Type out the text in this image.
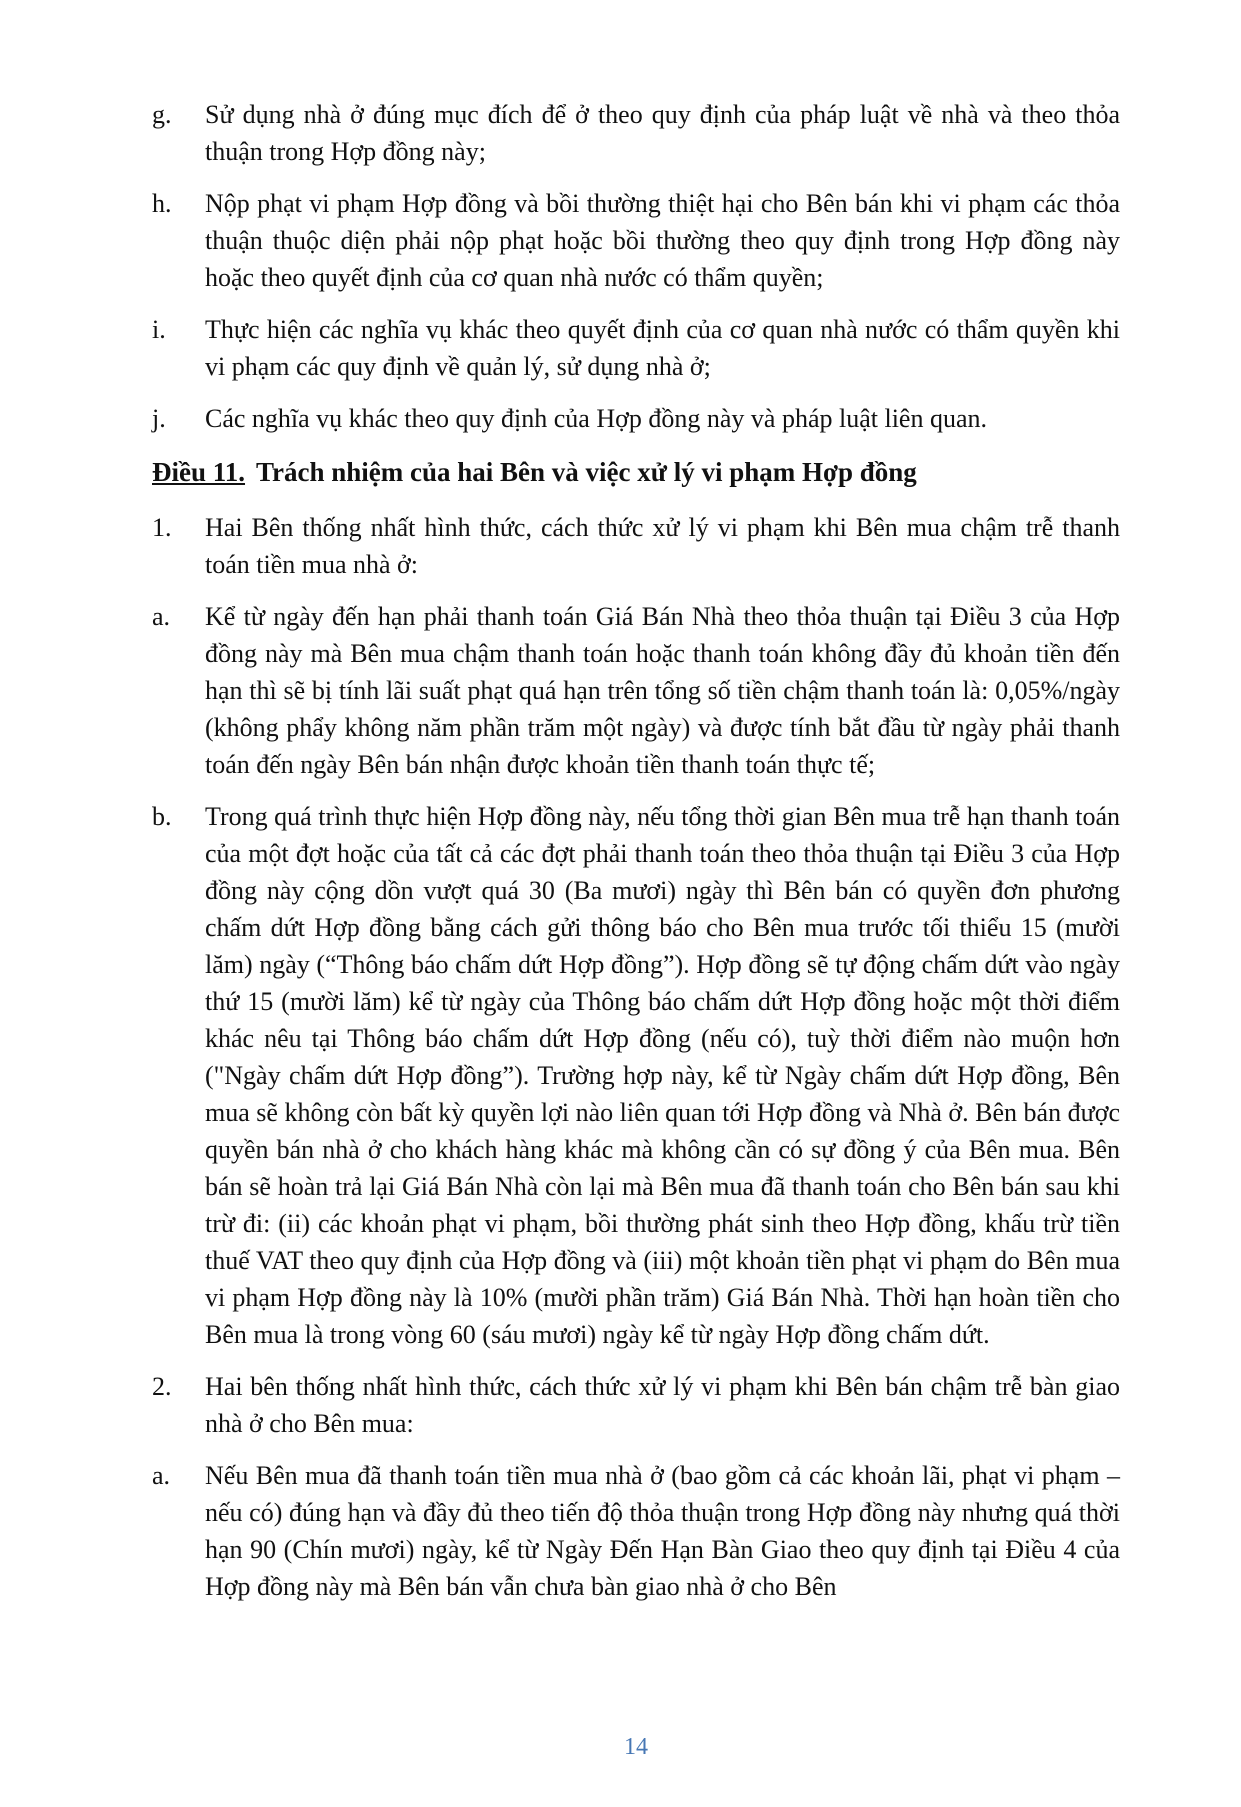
g.	Sử dụng nhà ở đúng mục đích để ở theo quy định của pháp luật về nhà và theo thỏa thuận trong Hợp đồng này;
h.	Nộp phạt vi phạm Hợp đồng và bồi thường thiệt hại cho Bên bán khi vi phạm các thỏa thuận thuộc diện phải nộp phạt hoặc bồi thường theo quy định trong Hợp đồng này hoặc theo quyết định của cơ quan nhà nước có thẩm quyền;
i.	Thực hiện các nghĩa vụ khác theo quyết định của cơ quan nhà nước có thẩm quyền khi vi phạm các quy định về quản lý, sử dụng nhà ở;
j.	Các nghĩa vụ khác theo quy định của Hợp đồng này và pháp luật liên quan.
Điều 11. Trách nhiệm của hai Bên và việc xử lý vi phạm Hợp đồng
1.	Hai Bên thống nhất hình thức, cách thức xử lý vi phạm khi Bên mua chậm trễ thanh toán tiền mua nhà ở:
a.	Kể từ ngày đến hạn phải thanh toán Giá Bán Nhà theo thỏa thuận tại Điều 3 của Hợp đồng này mà Bên mua chậm thanh toán hoặc thanh toán không đầy đủ khoản tiền đến hạn thì sẽ bị tính lãi suất phạt quá hạn trên tổng số tiền chậm thanh toán là: 0,05%/ngày (không phẩy không năm phần trăm một ngày) và được tính bắt đầu từ ngày phải thanh toán đến ngày Bên bán nhận được khoản tiền thanh toán thực tế;
b.	Trong quá trình thực hiện Hợp đồng này, nếu tổng thời gian Bên mua trễ hạn thanh toán của một đợt hoặc của tất cả các đợt phải thanh toán theo thỏa thuận tại Điều 3 của Hợp đồng này cộng dồn vượt quá 30 (Ba mươi) ngày thì Bên bán có quyền đơn phương chấm dứt Hợp đồng bằng cách gửi thông báo cho Bên mua trước tối thiểu 15 (mười lăm) ngày (“Thông báo chấm dứt Hợp đồng”). Hợp đồng sẽ tự động chấm dứt vào ngày thứ 15 (mười lăm) kể từ ngày của Thông báo chấm dứt Hợp đồng hoặc một thời điểm khác nêu tại Thông báo chấm dứt Hợp đồng (nếu có), tuỳ thời điểm nào muộn hơn ("Ngày chấm dứt Hợp đồng”). Trường hợp này, kể từ Ngày chấm dứt Hợp đồng, Bên mua sẽ không còn bất kỳ quyền lợi nào liên quan tới Hợp đồng và Nhà ở. Bên bán được quyền bán nhà ở cho khách hàng khác mà không cần có sự đồng ý của Bên mua. Bên bán sẽ hoàn trả lại Giá Bán Nhà còn lại mà Bên mua đã thanh toán cho Bên bán sau khi trừ đi: (ii) các khoản phạt vi phạm, bồi thường phát sinh theo Hợp đồng, khấu trừ tiền thuế VAT theo quy định của Hợp đồng và (iii) một khoản tiền phạt vi phạm do Bên mua vi phạm Hợp đồng này là 10% (mười phần trăm) Giá Bán Nhà. Thời hạn hoàn tiền cho Bên mua là trong vòng 60 (sáu mươi) ngày kể từ ngày Hợp đồng chấm dứt.
2.	Hai bên thống nhất hình thức, cách thức xử lý vi phạm khi Bên bán chậm trễ bàn giao nhà ở cho Bên mua:
a.	Nếu Bên mua đã thanh toán tiền mua nhà ở (bao gồm cả các khoản lãi, phạt vi phạm – nếu có) đúng hạn và đầy đủ theo tiến độ thỏa thuận trong Hợp đồng này nhưng quá thời hạn 90 (Chín mươi) ngày, kể từ Ngày Đến Hạn Bàn Giao theo quy định tại Điều 4 của Hợp đồng này mà Bên bán vẫn chưa bàn giao nhà ở cho Bên
14
